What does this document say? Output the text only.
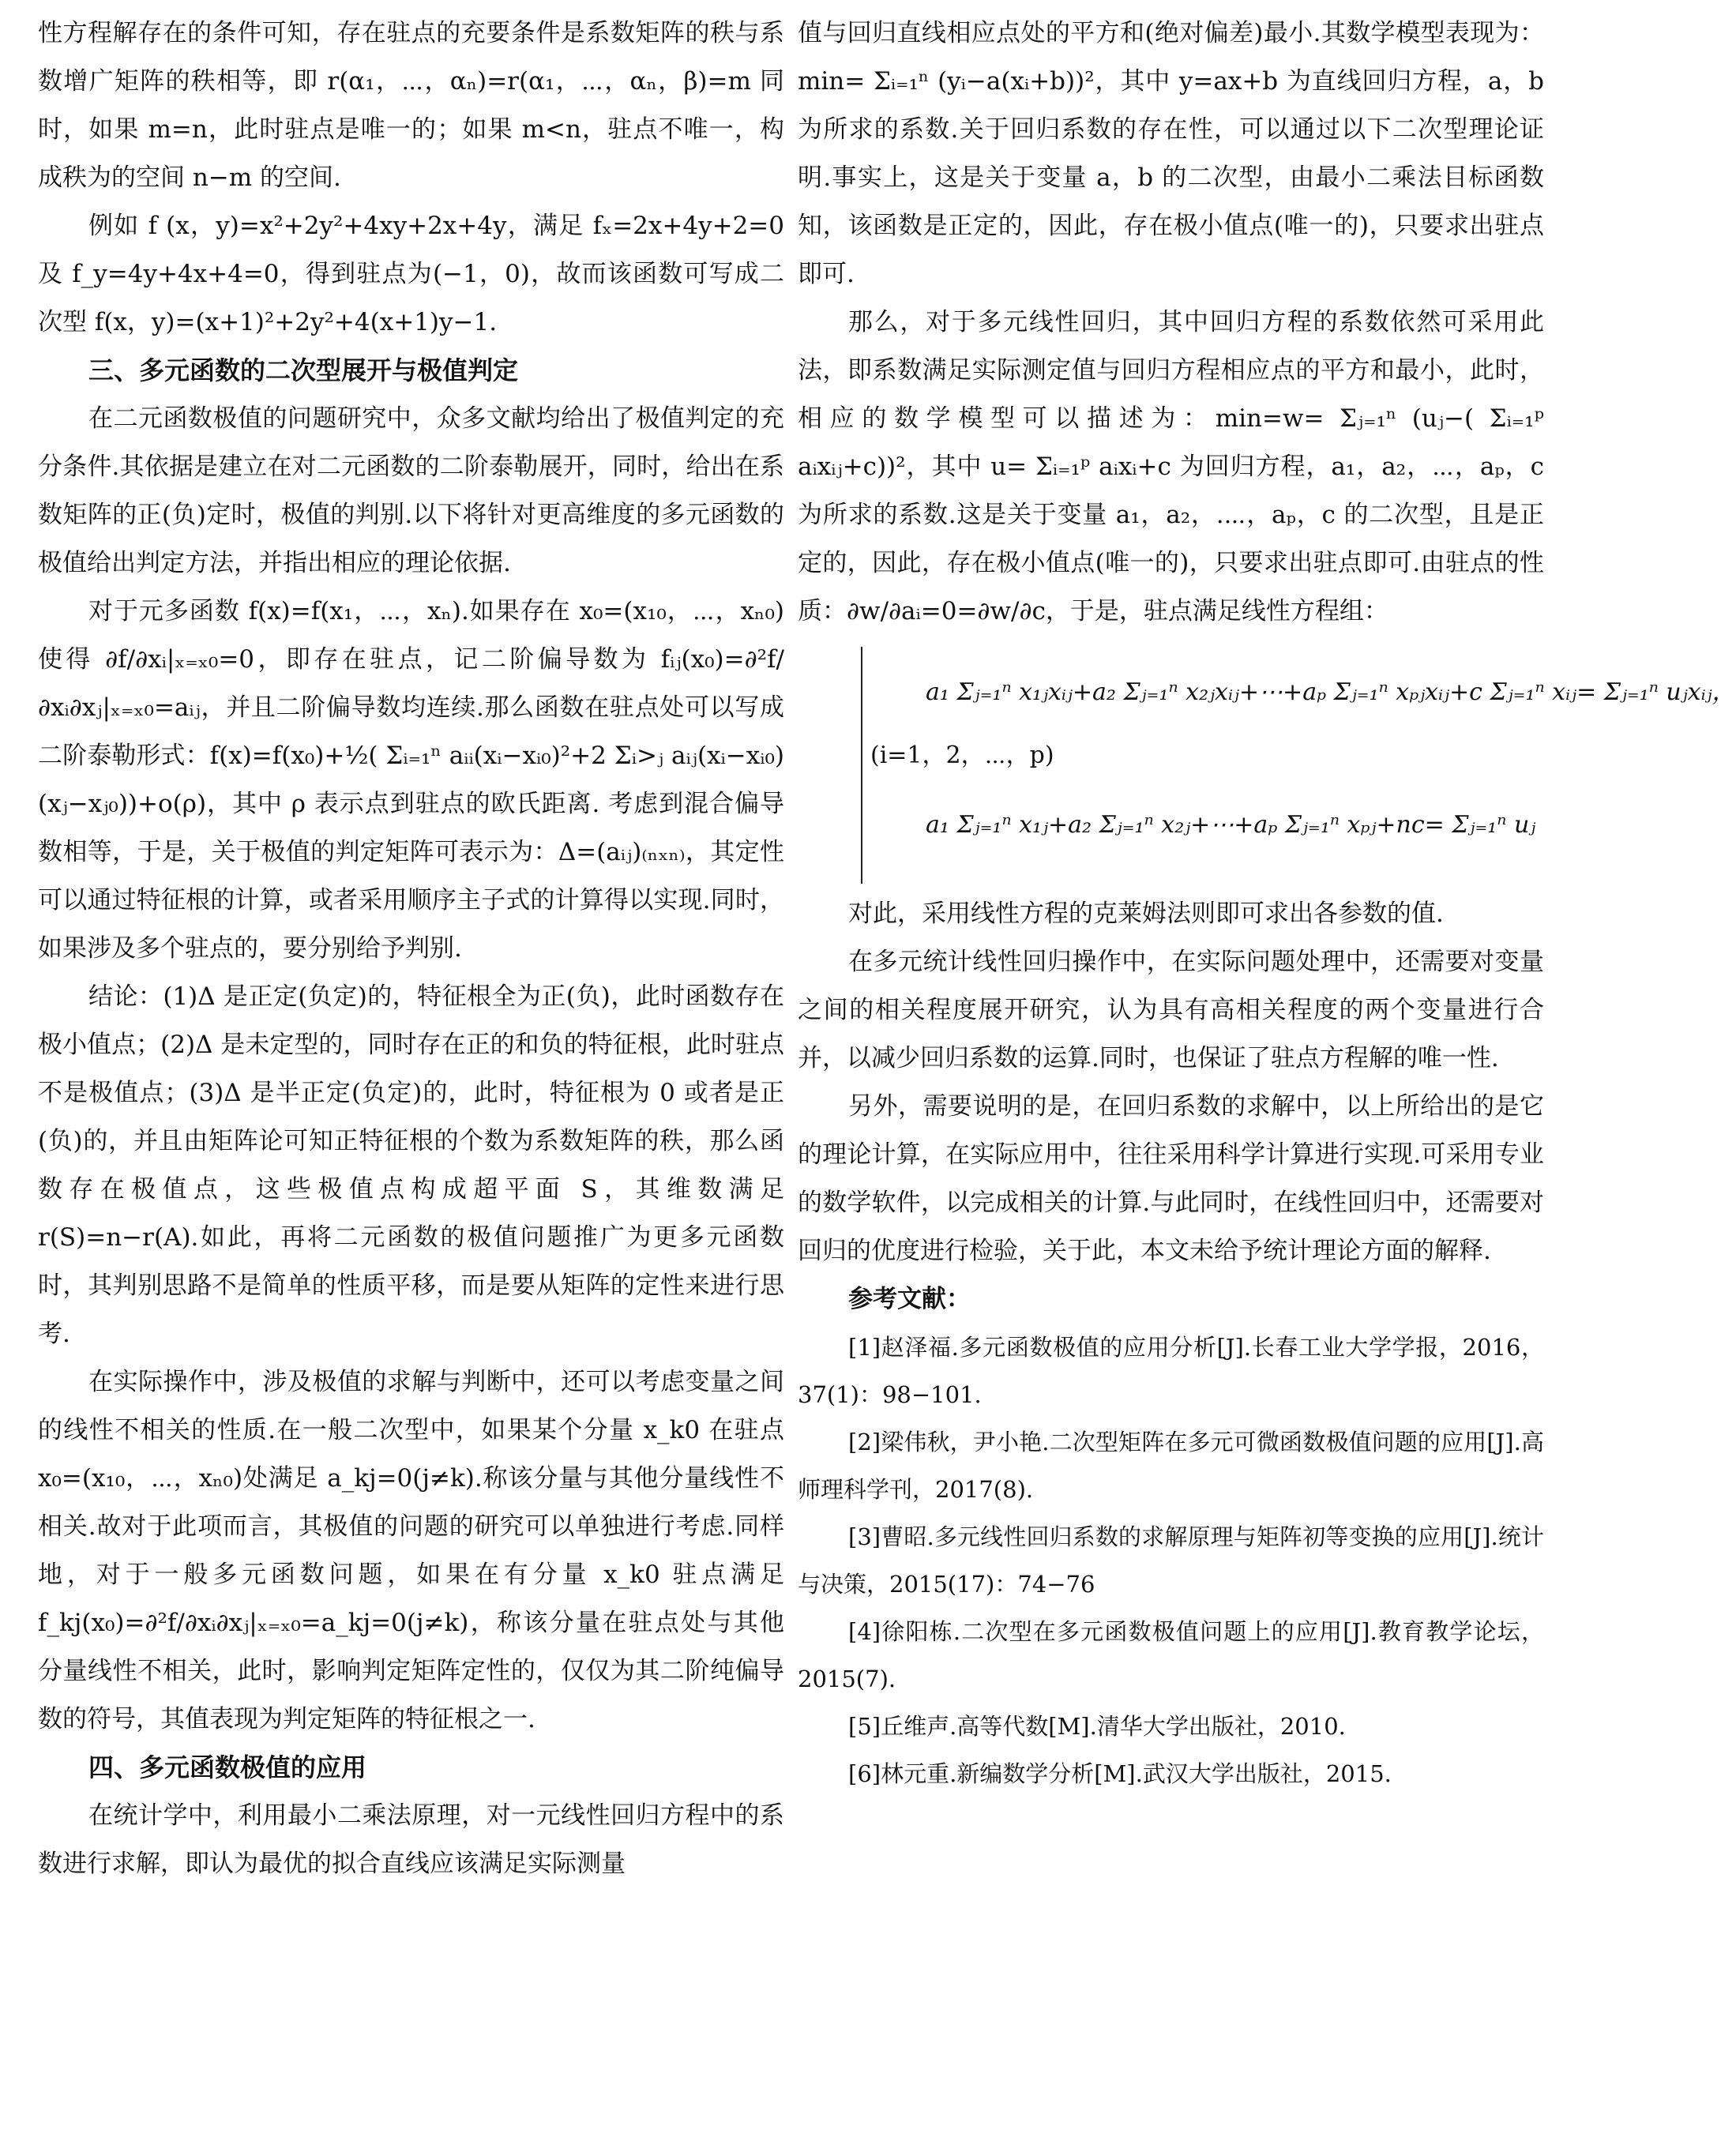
性方程解存在的条件可知，存在驻点的充要条件是系数矩阵的秩与系数增广矩阵的秩相等，即 r(α₁，⋯，αₙ)=r(α₁，⋯，αₙ，β)=m 同时，如果 m=n，此时驻点是唯一的；如果 m<n，驻点不唯一，构成秩为的空间 n−m 的空间.

例如 f (x，y)=x²+2y²+4xy+2x+4y，满足 fₓ=2x+4y+2=0 及 f_y=4y+4x+4=0，得到驻点为(−1，0)，故而该函数可写成二次型 f(x，y)=(x+1)²+2y²+4(x+1)y−1.

三、多元函数的二次型展开与极值判定

在二元函数极值的问题研究中，众多文献均给出了极值判定的充分条件.其依据是建立在对二元函数的二阶泰勒展开，同时，给出在系数矩阵的正(负)定时，极值的判别.以下将针对更高维度的多元函数的极值给出判定方法，并指出相应的理论依据.

对于元多函数 f(x)=f(x₁，⋯，xₙ).如果存在 x₀=(x₁₀，⋯，xₙ₀) 使得 ∂f/∂xᵢ|ₓ₌ₓ₀=0，即存在驻点，记二阶偏导数为 fᵢⱼ(x₀)=∂²f/∂xᵢ∂xⱼ|ₓ₌ₓ₀=aᵢⱼ，并且二阶偏导数均连续.那么函数在驻点处可以写成二阶泰勒形式：f(x)=f(x₀)+½( Σᵢ₌₁ⁿ aᵢᵢ(xᵢ−xᵢ₀)²+2 Σᵢ>ⱼ aᵢⱼ(xᵢ−xᵢ₀)(xⱼ−xⱼ₀))+o(ρ)，其中 ρ 表示点到驻点的欧氏距离. 考虑到混合偏导数相等，于是，关于极值的判定矩阵可表示为：Δ=(aᵢⱼ)₍ₙₓₙ₎，其定性可以通过特征根的计算，或者采用顺序主子式的计算得以实现.同时，如果涉及多个驻点的，要分别给予判别.

结论：(1)Δ 是正定(负定)的，特征根全为正(负)，此时函数存在极小值点；(2)Δ 是未定型的，同时存在正的和负的特征根，此时驻点不是极值点；(3)Δ 是半正定(负定)的，此时，特征根为 0 或者是正(负)的，并且由矩阵论可知正特征根的个数为系数矩阵的秩，那么函数存在极值点，这些极值点构成超平面 S，其维数满足 r(S)=n−r(A).如此，再将二元函数的极值问题推广为更多元函数时，其判别思路不是简单的性质平移，而是要从矩阵的定性来进行思考.

在实际操作中，涉及极值的求解与判断中，还可以考虑变量之间的线性不相关的性质.在一般二次型中，如果某个分量 x_k0 在驻点 x₀=(x₁₀，⋯，xₙ₀)处满足 a_kj=0(j≠k).称该分量与其他分量线性不相关.故对于此项而言，其极值的问题的研究可以单独进行考虑.同样地，对于一般多元函数问题，如果在有分量 x_k0 驻点满足 f_kj(x₀)=∂²f/∂xᵢ∂xⱼ|ₓ₌ₓ₀=a_kj=0(j≠k)，称该分量在驻点处与其他分量线性不相关，此时，影响判定矩阵定性的，仅仅为其二阶纯偏导数的符号，其值表现为判定矩阵的特征根之一.

四、多元函数极值的应用

在统计学中，利用最小二乘法原理，对一元线性回归方程中的系数进行求解，即认为最优的拟合直线应该满足实际测量

值与回归直线相应点处的平方和(绝对偏差)最小.其数学模型表现为：min= Σᵢ₌₁ⁿ (yᵢ−a(xᵢ+b))²，其中 y=ax+b 为直线回归方程，a，b 为所求的系数.关于回归系数的存在性，可以通过以下二次型理论证明.事实上，这是关于变量 a，b 的二次型，由最小二乘法目标函数知，该函数是正定的，因此，存在极小值点(唯一的)，只要求出驻点即可.

那么，对于多元线性回归，其中回归方程的系数依然可采用此法，即系数满足实际测定值与回归方程相应点的平方和最小，此时，相应的数学模型可以描述为：min=w= Σⱼ₌₁ⁿ (uⱼ−( Σᵢ₌₁ᵖ aᵢxᵢⱼ+c))²，其中 u= Σᵢ₌₁ᵖ aᵢxᵢ+c 为回归方程，a₁，a₂，⋯，aₚ，c 为所求的系数.这是关于变量 a₁，a₂，.⋯，aₚ，c 的二次型，且是正定的，因此，存在极小值点(唯一的)，只要求出驻点即可.由驻点的性质：∂w/∂aᵢ=0=∂w/∂c，于是，驻点满足线性方程组：

a₁ Σⱼ₌₁ⁿ x₁ⱼxᵢⱼ+a₂ Σⱼ₌₁ⁿ x₂ⱼxᵢⱼ+⋯+aₚ Σⱼ₌₁ⁿ xₚⱼxᵢⱼ+c Σⱼ₌₁ⁿ xᵢⱼ= Σⱼ₌₁ⁿ uⱼxᵢⱼ，
(i=1，2，⋯，p)
a₁ Σⱼ₌₁ⁿ x₁ⱼ+a₂ Σⱼ₌₁ⁿ x₂ⱼ+⋯+aₚ Σⱼ₌₁ⁿ xₚⱼ+nc= Σⱼ₌₁ⁿ uⱼ

对此，采用线性方程的克莱姆法则即可求出各参数的值.

在多元统计线性回归操作中，在实际问题处理中，还需要对变量之间的相关程度展开研究，认为具有高相关程度的两个变量进行合并，以减少回归系数的运算.同时，也保证了驻点方程解的唯一性.

另外，需要说明的是，在回归系数的求解中，以上所给出的是它的理论计算，在实际应用中，往往采用科学计算进行实现.可采用专业的数学软件，以完成相关的计算.与此同时，在线性回归中，还需要对回归的优度进行检验，关于此，本文未给予统计理论方面的解释.

参考文献：

[1]赵泽福.多元函数极值的应用分析[J].长春工业大学学报，2016，37(1)：98−101.

[2]梁伟秋，尹小艳.二次型矩阵在多元可微函数极值问题的应用[J].高师理科学刊，2017(8).

[3]曹昭.多元线性回归系数的求解原理与矩阵初等变换的应用[J].统计与决策，2015(17)：74−76

[4]徐阳栋.二次型在多元函数极值问题上的应用[J].教育教学论坛，2015(7).

[5]丘维声.高等代数[M].清华大学出版社，2010.

[6]林元重.新编数学分析[M].武汉大学出版社，2015.
